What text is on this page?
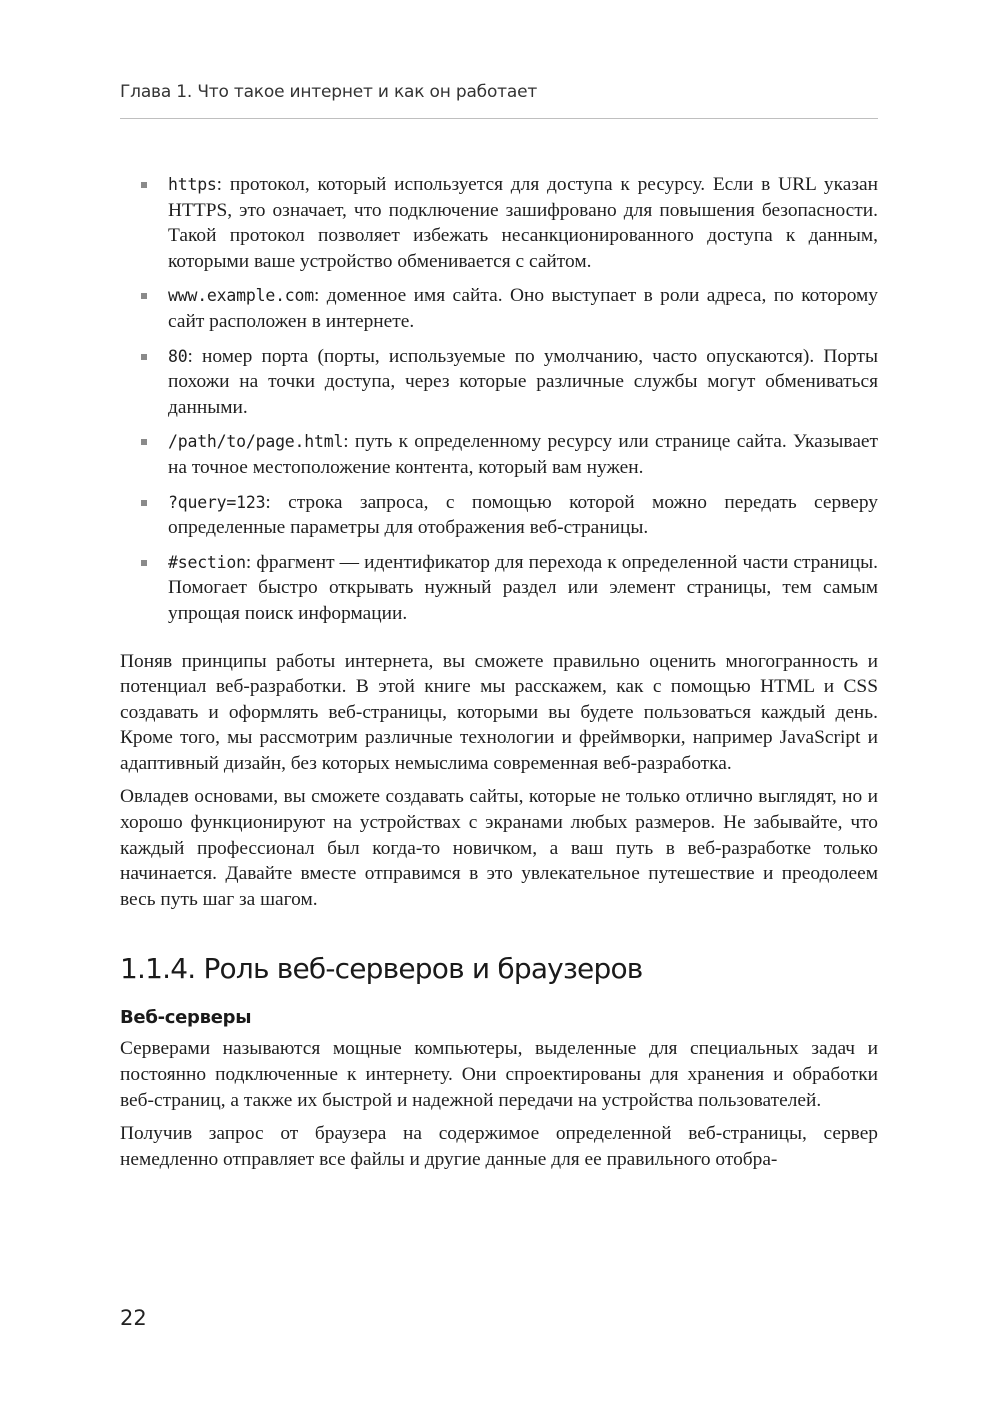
Глава 1. Что такое интернет и как он работает
https: протокол, который используется для доступа к ресурсу. Если в URL указан HTTPS, это означает, что подключение зашифровано для повышения безопасности. Такой протокол позволяет избежать несанкционированного доступа к данным, которыми ваше устройство обменивается с сайтом.
www.example.com: доменное имя сайта. Оно выступает в роли адреса, по которому сайт расположен в интернете.
80: номер порта (порты, используемые по умолчанию, часто опускаются). Порты похожи на точки доступа, через которые различные службы могут обмениваться данными.
/path/to/page.html: путь к определенному ресурсу или странице сайта. Указывает на точное местоположение контента, который вам нужен.
?query=123: строка запроса, с помощью которой можно передать серверу определенные параметры для отображения веб-страницы.
#section: фрагмент — идентификатор для перехода к определенной части страницы. Помогает быстро открывать нужный раздел или элемент страницы, тем самым упрощая поиск информации.

Поняв принципы работы интернета, вы сможете правильно оценить многогранность и потенциал веб-разработки. В этой книге мы расскажем, как с помощью HTML и CSS создавать и оформлять веб-страницы, которыми вы будете пользоваться каждый день. Кроме того, мы рассмотрим различные технологии и фреймворки, например JavaScript и адаптивный дизайн, без которых немыслима современная веб-разработка.

Овладев основами, вы сможете создавать сайты, которые не только отлично выглядят, но и хорошо функционируют на устройствах с экранами любых размеров. Не забывайте, что каждый профессионал был когда-то новичком, а ваш путь в веб-разработке только начинается. Давайте вместе отправимся в это увлекательное путешествие и преодолеем весь путь шаг за шагом.

1.1.4. Роль веб-серверов и браузеров
Веб-серверы

Серверами называются мощные компьютеры, выделенные для специальных задач и постоянно подключенные к интернету. Они спроектированы для хранения и обработки веб-страниц, а также их быстрой и надежной передачи на устройства пользователей.

Получив запрос от браузера на содержимое определенной веб-страницы, сервер немедленно отправляет все файлы и другие данные для ее правильного отобра-

22
